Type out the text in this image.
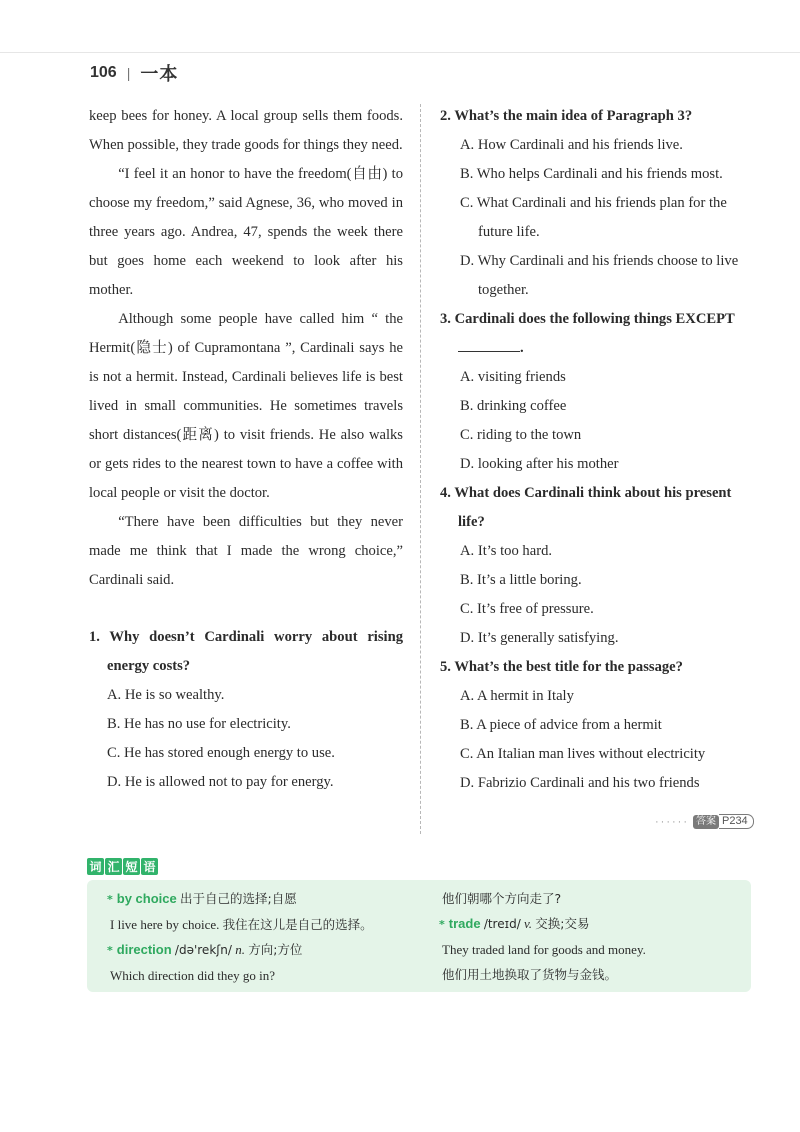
106 | 一本

keep bees for honey. A local group sells them foods. When possible, they trade goods for things they need.

“I feel it an honor to have the freedom(自由) to choose my freedom,” said Agnese, 36, who moved in three years ago. Andrea, 47, spends the week there but goes home each weekend to look after his mother.

Although some people have called him “ the Hermit(隐士) of Cupramontana ”, Cardinali says he is not a hermit. Instead, Cardinali believes life is best lived in small communities. He sometimes travels short distances(距离) to visit friends. He also walks or gets rides to the nearest town to have a coffee with local people or visit the doctor.

“There have been difficulties but they never made me think that I made the wrong choice,” Cardinali said.

1. Why doesn’t Cardinali worry about rising energy costs?
A. He is so wealthy.
B. He has no use for electricity.
C. He has stored enough energy to use.
D. He is allowed not to pay for energy.
2. What’s the main idea of Paragraph 3?
A. How Cardinali and his friends live.
B. Who helps Cardinali and his friends most.
C. What Cardinali and his friends plan for the future life.
D. Why Cardinali and his friends choose to live together.
3. Cardinali does the following things EXCEPT
.
A. visiting friends
B. drinking coffee
C. riding to the town
D. looking after his mother
4. What does Cardinali think about his present life?
A. It’s too hard.
B. It’s a little boring.
C. It’s free of pressure.
D. It’s generally satisfying.
5. What’s the best title for the passage?
A. A hermit in Italy
B. A piece of advice from a hermit
C. An Italian man lives without electricity
D. Fabrizio Cardinali and his two friends
······ 答案 P234
词 汇 短 语
* by choice 出于自己的选择;自愿
I live here by choice. 我住在这儿是自己的选择。
* direction /də'rekʃn/ n. 方向;方位
Which direction did they go in?
他们朝哪个方向走了?
* trade /treɪd/ v. 交换;交易
They traded land for goods and money.
他们用土地换取了货物与金钱。
